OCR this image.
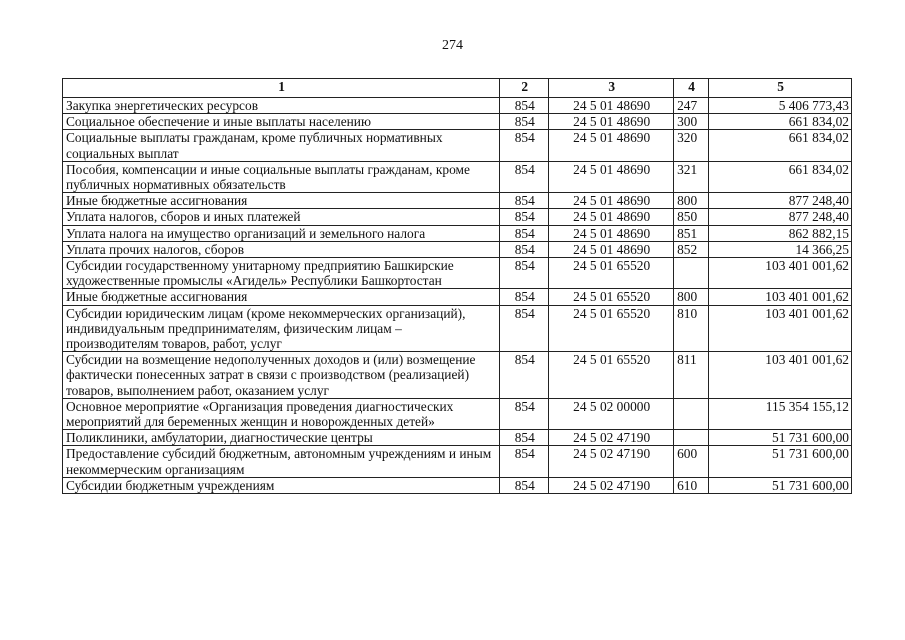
274
1	2	3	4	5
Закупка энергетических ресурсов	854	24 5 01 48690	247	5 406 773,43
Социальное обеспечение и иные выплаты населению	854	24 5 01 48690	300	661 834,02
Социальные выплаты гражданам, кроме публичных нормативных социальных выплат	854	24 5 01 48690	320	661 834,02
Пособия, компенсации и иные социальные выплаты гражданам, кроме публичных нормативных обязательств	854	24 5 01 48690	321	661 834,02
Иные бюджетные ассигнования	854	24 5 01 48690	800	877 248,40
Уплата налогов, сборов и иных платежей	854	24 5 01 48690	850	877 248,40
Уплата налога на имущество организаций и земельного налога	854	24 5 01 48690	851	862 882,15
Уплата прочих налогов, сборов	854	24 5 01 48690	852	14 366,25
Субсидии государственному унитарному предприятию Башкирские художественные промыслы «Агидель» Республики Башкортостан	854	24 5 01 65520		103 401 001,62
Иные бюджетные ассигнования	854	24 5 01 65520	800	103 401 001,62
Субсидии юридическим лицам (кроме некоммерческих организаций), индивидуальным предпринимателям, физическим лицам – производителям товаров, работ, услуг	854	24 5 01 65520	810	103 401 001,62
Субсидии на возмещение недополученных доходов и (или) возмещение фактически понесенных затрат в связи с производством (реализацией) товаров, выполнением работ, оказанием услуг	854	24 5 01 65520	811	103 401 001,62
Основное мероприятие «Организация проведения диагностических мероприятий для беременных женщин и новорожденных детей»	854	24 5 02 00000		115 354 155,12
Поликлиники, амбулатории, диагностические центры	854	24 5 02 47190		51 731 600,00
Предоставление субсидий бюджетным, автономным учреждениям и иным некоммерческим организациям	854	24 5 02 47190	600	51 731 600,00
Субсидии бюджетным учреждениям	854	24 5 02 47190	610	51 731 600,00
